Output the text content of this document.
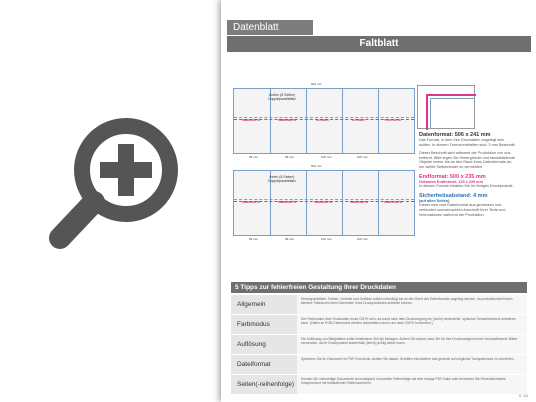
Datenblatt
Faltblatt
Außen (6 Seiten) Doppelparallelfalz
INNENSEITE	INNENSEITE	AUSSEN	AUSSEN	TITELSEITE
506 mm
99 mm	99 mm	100 mm	100 mm
Innen (6 Seiten) Doppelparallelfalz
INNENSEITE	INNENSEITE	INNENSEITE	INNENSEITE	INNENSEITE
506 mm
99 mm	99 mm	100 mm	100 mm
Datenformat: 506 x 241 mm
Das Format, in dem Ihre Druckdaten angelegt sein sollten. In diesem Format enthalten sind: 3 mm Beschnitt.
Dieser Beschnitt wird während der Produktion von uns entfernt. Bitte legen Sie Hintergründe und randabfallende Objekte immer bis an den Rand Ihres Datenformats an, um weiße Seitenränder zu vermeiden.
Endformat: 500 x 235 mm
Gefalztes Endformat: 125 x 235 mm
In diesem Format erhalten Sie Ihr fertiges Druckprodukt.
Sicherheitsabstand: 4 mm
(auf allen Seiten)
Dieser wird vom Datenformat aus gemessen und verhindert unerwünschten Anschnitt Ihrer Texte und Informationen während der Produktion.
5 Tipps zur fehlerfreien Gestaltung Ihrer Druckdaten
Allgemein
Hintergrundbilder, Farben, Verläufe und Grafiken sollten unbedingt bis an den Rand des Datenformats angelegt werden, da produktionstechnisch kleinere Toleranzen beim Schneiden Ihres Druckproduktes auftreten können.
Farbmodus
Der Farbmodus Ihrer Druckdaten muss CMYK sein, da sonst nach dem Druckvorgang ein (leicht) veränderter, optischer Gesamteindruck entstehen kann. (Daten im RGB-Farbmodus werden automatisch durch uns nach CMYK konvertiert.)
Auflösung
Die Auflösung von Bildgrafiken sollte mindestens 300 dpi betragen. Achten Sie darauf, dass Sie für Ihre Druckvorlagen immer hochauflösende Bilder verwenden, da Ihr Druckprodukt andernfalls (leicht) pixelig wirken kann.
Dateiformat
Speichern Sie Ihr Dokument im PDF-Format ab. Achten Sie darauf, Schriften einzubetten und generell auf möglichst Transparenzen zu verzichten.
Seiten(-reihenfolge)
Senden Sie mehrseitige Dokumente chronologisch in korrekter Reihenfolge als eine einzige PDF-Datei oder benennen Sie Einzeldokumente entsprechend mit fortlaufenden Seitennummern.
S. 1/4
